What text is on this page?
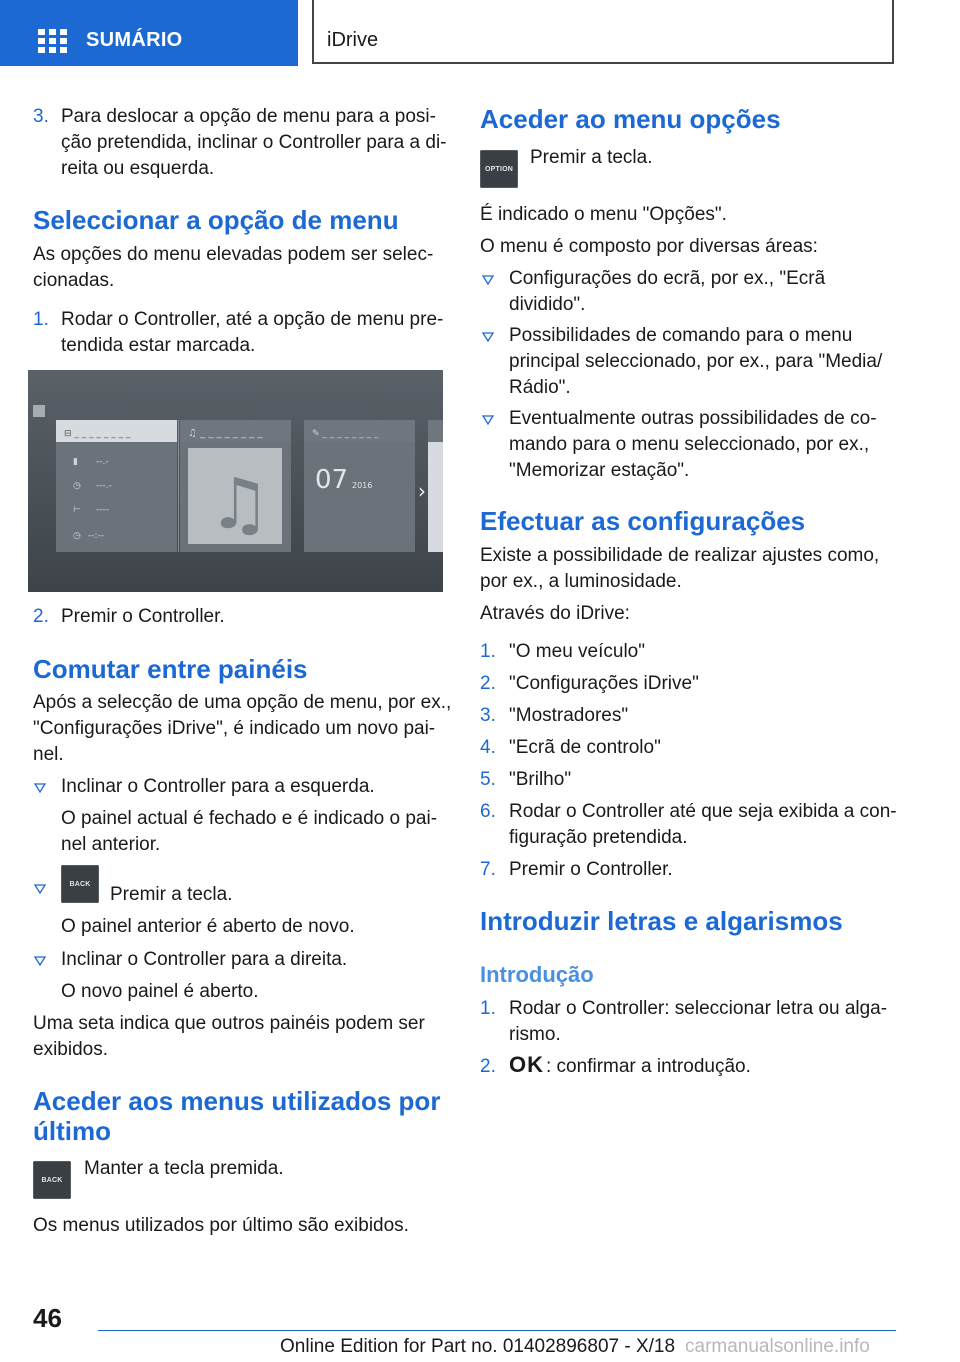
SUMÁRIO	iDrive
3. Para deslocar a opção de menu para a posi‐

ção pretendida, inclinar o Controller para a di‐

reita ou esquerda.

Seleccionar a opção de menu

As opções do menu elevadas podem ser selec‐

cionadas.

1. Rodar o Controller, até a opção de menu pre‐

tendida estar marcada.

⊟ _ _ _ _ _ _ _ _
▮ --.-
◷ ---.-
⊢ ----
◷ --:--
♫ _ _ _ _ _ _ _ _
♫
✎ _ _ _ _ _ _ _ _
07 2016 ›
2. Premir o Controller.

Comutar entre painéis

Após a selecção de uma opção de menu, por ex.,

"Configurações iDrive", é indicado um novo pai‐

nel.

Inclinar o Controller para a esquerda.

O painel actual é fechado e é indicado o pai‐

nel anterior.

BACK	Premir a tecla.

O painel anterior é aberto de novo.

Inclinar o Controller para a direita.

O novo painel é aberto.

Uma seta indica que outros painéis podem ser

exibidos.

Aceder aos menus utilizados por
último
BACK

Manter a tecla premida.

Os menus utilizados por último são exibidos.

Aceder ao menu opções
OPTION

Premir a tecla.

É indicado o menu "Opções".

O menu é composto por diversas áreas:

Configurações do ecrã, por ex., "Ecrã

dividido".

Possibilidades de comando para o menu

principal seleccionado, por ex., para "Media/

Rádio".

Eventualmente outras possibilidades de co‐

mando para o menu seleccionado, por ex.,

"Memorizar estação".

Efectuar as configurações

Existe a possibilidade de realizar ajustes como,

por ex., a luminosidade.

Através do iDrive:

1. "O meu veículo"

2. "Configurações iDrive"

3. "Mostradores"

4. "Ecrã de controlo"

5. "Brilho"

6. Rodar o Controller até que seja exibida a con‐

figuração pretendida.

7. Premir o Controller.

Introduzir letras e algarismos
Introdução
1. Rodar o Controller: seleccionar letra ou alga‐

rismo.

2. OK : confirmar a introdução.

46
Online Edition for Part no. 01402896807 - X/18 carmanualsonline.info
